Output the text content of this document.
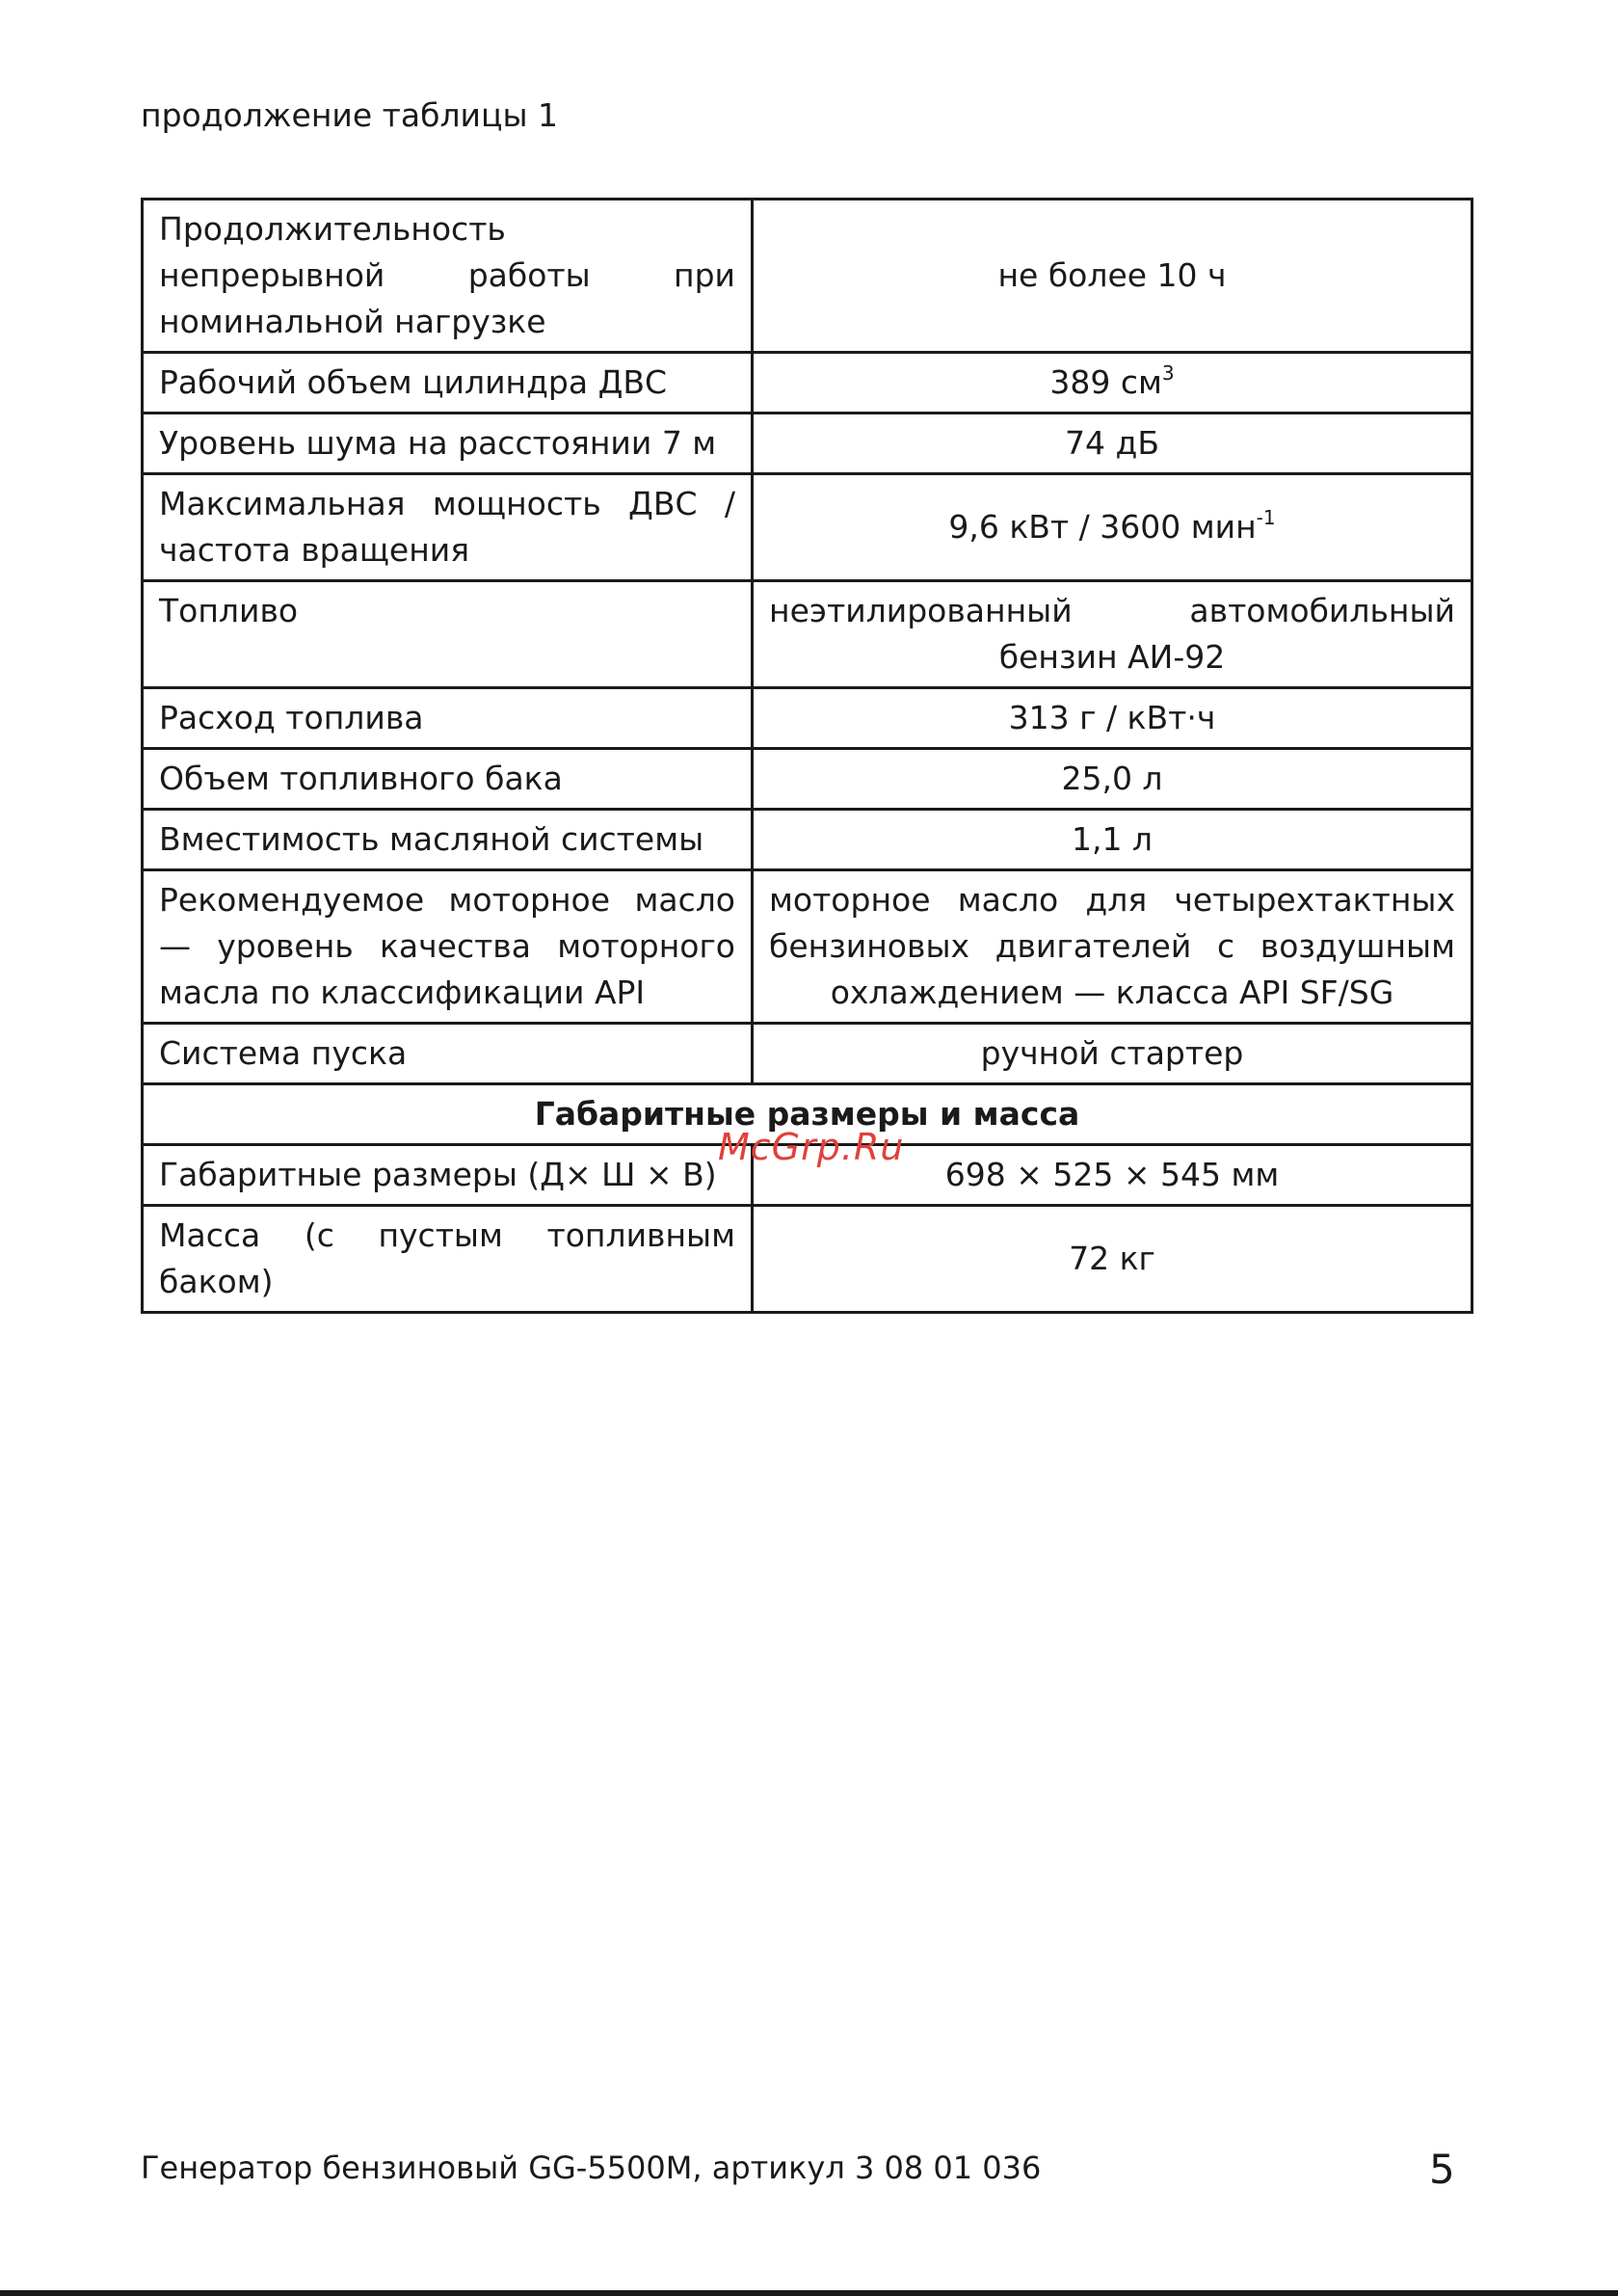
продолжение таблицы 1
Продолжительность непрерывной работы при номинальной нагрузке	не более 10 ч
Рабочий объем цилиндра ДВС	389 $см^3$
Уровень шума на расстоянии 7 м	74 дБ
Максимальная мощность ДВС / частота вращения	9,6 кВт / 3600 мин$^{-1}$
Топливо	неэтилированный автомобильный бензин АИ-92
Расход топлива	313 г / кВт·ч
Объем топливного бака	25,0 л
Вместимость масляной системы	1,1 л
Рекомендуемое моторное масло — уровень качества моторного масла по классификации API	моторное масло для четырехтактных бензиновых двигателей с воздушным охлаждением — класса API SF/SG
Система пуска	ручной стартер
Габаритные размеры и масса	
Габаритные размеры (Д× Ш × В)	698 × 525 × 545 мм
Масса (с пустым топливным баком)	72 кг
McGrp.Ru
Генератор бензиновый GG-5500M, артикул 3 08 01 036	5
